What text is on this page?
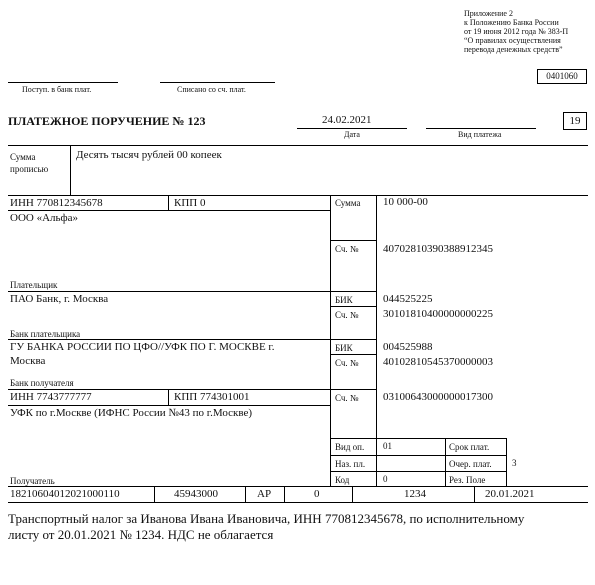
Приложение 2
к Положению Банка России
от 19 июня 2012 года № 383-П
“О правилах осуществления
перевода денежных средств”
0401060
Поступ. в банк плат.	Списано со сч. плат.
ПЛАТЕЖНОЕ ПОРУЧЕНИЕ № 123	24.02.2021
Дата	Вид платежа
19
Сумма
прописью
Десять тысяч рублей 00 копеек
ИНН 770812345678	КПП 0
ООО «Альфа»
Плательщик
ПАО Банк, г. Москва
Банк плательщика
Сумма 10 000-00
Сч. № 40702810390388912345
БИК	044525225
Сч. № 30101810400000000225
ГУ БАНКА РОССИИ ПО ЦФО//УФК ПО Г. МОСКВЕ г.
Москва
Банк получателя
БИК	004525988
Сч. № 40102810545370000003
ИНН 7743777777	КПП 774301001
УФК по г.Москве (ИФНС России №43 по г.Москве)
Получатель
Сч. № 03100643000000017300
Вид оп. 01	Срок плат.
Наз. пл.	Очер. плат. 3
Код	0	Рез. Поле
18210604012021000110	45943000	АР	0	1234	20.01.2021
Транспортный налог за Иванова Ивана Ивановича, ИНН 770812345678, по исполнительному
листу от 20.01.2021 № 1234. НДС не облагается
